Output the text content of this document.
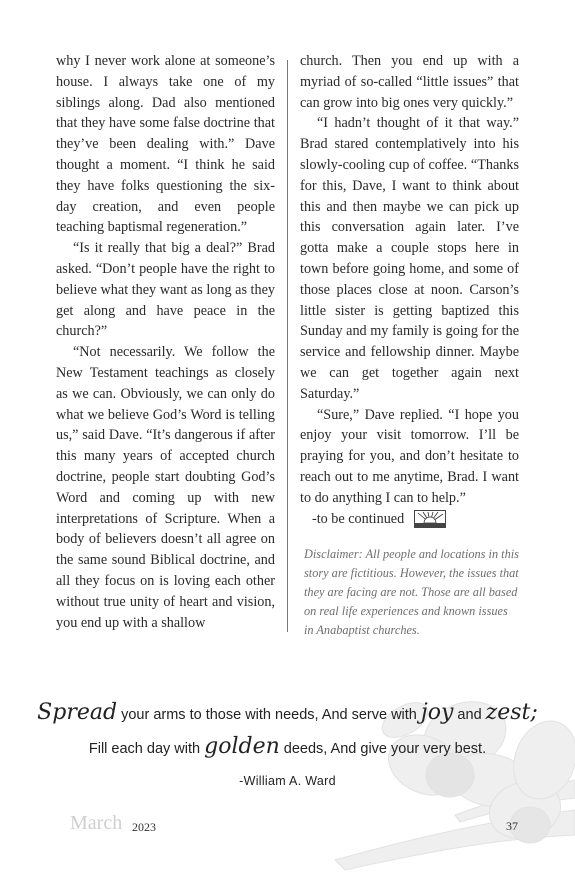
why I never work alone at someone’s house. I always take one of my siblings along. Dad also mentioned that they have some false doctrine that they’ve been dealing with.” Dave thought a moment. “I think he said they have folks questioning the six-day creation, and even people teaching baptismal regeneration.”

“Is it really that big a deal?” Brad asked. “Don’t people have the right to believe what they want as long as they get along and have peace in the church?”

“Not necessarily. We follow the New Testament teachings as closely as we can. Obviously, we can only do what we believe God’s Word is telling us,” said Dave. “It’s dangerous if after this many years of accepted church doctrine, people start doubting God’s Word and coming up with new interpretations of Scripture. When a body of believers doesn’t all agree on the same sound Biblical doctrine, and all they focus on is loving each other without true unity of heart and vision, you end up with a shallow

church. Then you end up with a myriad of so-called “little issues” that can grow into big ones very quickly.”

“I hadn’t thought of it that way.” Brad stared contemplatively into his slowly-cooling cup of coffee. “Thanks for this, Dave, I want to think about this and then maybe we can pick up this conversation again later. I’ve gotta make a couple stops here in town before going home, and some of those places close at noon. Carson’s little sister is getting baptized this Sunday and my family is going for the service and fellowship dinner. Maybe we can get together again next Saturday.”

“Sure,” Dave replied. “I hope you enjoy your visit tomorrow. I’ll be praying for you, and don’t hesitate to reach out to me anytime, Brad. I want to do anything I can to help.”

-to be continued
Disclaimer: All people and locations in this story are fictitious. However, the issues that they are facing are not. Those are all based on real life experiences and known issues in Anabaptist churches.
Spread your arms to those with needs, And serve with joy and zest;
Fill each day with golden deeds, And give your very best.
-William A. Ward
March 2023	37
